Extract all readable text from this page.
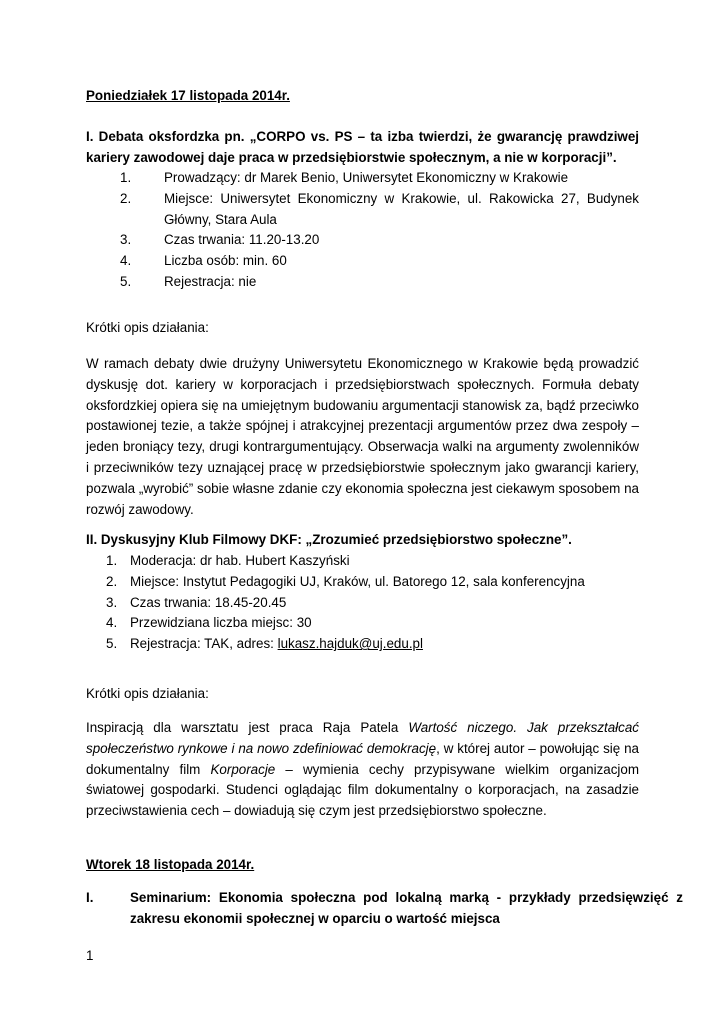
Poniedziałek 17 listopada 2014r.
I. Debata oksfordzka pn. „CORPO vs. PS – ta izba twierdzi, że gwarancję prawdziwej kariery zawodowej daje praca w przedsiębiorstwie społecznym, a nie w korporacji”.
1. Prowadzący: dr Marek Benio, Uniwersytet Ekonomiczny w Krakowie
2. Miejsce: Uniwersytet Ekonomiczny w Krakowie, ul. Rakowicka 27, Budynek Główny, Stara Aula
3. Czas trwania: 11.20-13.20
4. Liczba osób: min. 60
5. Rejestracja: nie
Krótki opis działania:
W ramach debaty dwie drużyny Uniwersytetu Ekonomicznego w Krakowie będą prowadzić dyskusję dot. kariery w korporacjach i przedsiębiorstwach społecznych. Formuła debaty oksfordzkiej opiera się na umiejętnym budowaniu argumentacji stanowisk za, bądź przeciwko postawionej tezie, a także spójnej i atrakcyjnej prezentacji argumentów przez dwa zespoły – jeden broniący tezy, drugi kontrargumentujący. Obserwacja walki na argumenty zwolenników i przeciwników tezy uznającej pracę w przedsiębiorstwie społecznym jako gwarancji kariery, pozwala „wyrobić” sobie własne zdanie czy ekonomia społeczna jest ciekawym sposobem na rozwój zawodowy.
II. Dyskusyjny Klub Filmowy DKF: „Zrozumieć przedsiębiorstwo społeczne”.
1. Moderacja: dr hab. Hubert Kaszyński
2. Miejsce: Instytut Pedagogiki UJ, Kraków, ul. Batorego 12, sala konferencyjna
3. Czas trwania: 18.45-20.45
4. Przewidziana liczba miejsc: 30
5. Rejestracja: TAK, adres: lukasz.hajduk@uj.edu.pl
Krótki opis działania:
Inspiracją dla warsztatu jest praca Raja Patela Wartość niczego. Jak przekształcać społeczeństwo rynkowe i na nowo zdefiniować demokrację, w której autor – powołując się na dokumentalny film Korporacje – wymienia cechy przypisywane wielkim organizacjom światowej gospodarki. Studenci oglądając film dokumentalny o korporacjach, na zasadzie przeciwstawienia cech – dowiadują się czym jest przedsiębiorstwo społeczne.
Wtorek 18 listopada 2014r.
I.	Seminarium: Ekonomia społeczna pod lokalną marką - przykłady przedsięwzięć z zakresu ekonomii społecznej w oparciu o wartość miejsca
1
